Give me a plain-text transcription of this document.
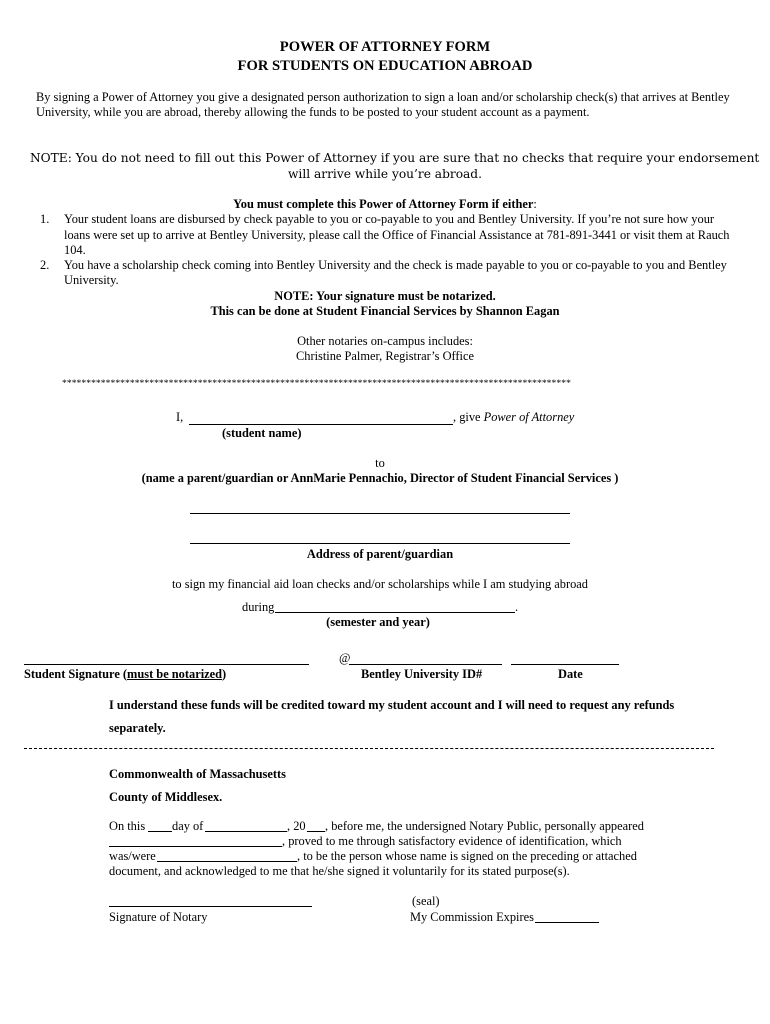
POWER OF ATTORNEY FORM
FOR STUDENTS ON EDUCATION ABROAD
By signing a Power of Attorney you give a designated person authorization to sign a loan and/or scholarship check(s) that arrives at Bentley
University, while you are abroad, thereby allowing the funds to be posted to your student account as a payment.
NOTE: You do not need to fill out this Power of Attorney if you are sure that no checks that require your endorsement
will arrive while you’re abroad.
You must complete this Power of Attorney Form if either:
1. Your student loans are disbursed by check payable to you or co-payable to you and Bentley University. If you’re not sure how your
loans were set up to arrive at Bentley University, please call the Office of Financial Assistance at 781-891-3441 or visit them at Rauch
104.
2. You have a scholarship check coming into Bentley University and the check is made payable to you or co-payable to you and Bentley
University.
NOTE: Your signature must be notarized.
This can be done at Student Financial Services by Shannon Eagan
Other notaries on-campus includes:
Christine Palmer, Registrar’s Office
*********************************************************************************************************
I,	, give Power of Attorney
(student name)
to
(name a parent/guardian or AnnMarie Pennachio, Director of Student Financial Services )
Address of parent/guardian
to sign my financial aid loan checks and/or scholarships while I am studying abroad
during	.
(semester and year)
@
Student Signature (must be notarized)	Bentley University ID#	Date
I understand these funds will be credited toward my student account and I will need to request any refunds
separately.
Commonwealth of Massachusetts
County of Middlesex.
On this day of	, 20 , before me, the undersigned Notary Public, personally appeared
, proved to me through satisfactory evidence of identification, which
was/were	, to be the person whose name is signed on the preceding or attached
document, and acknowledged to me that he/she signed it voluntarily for its stated purpose(s).
(seal)
Signature of Notary	My Commission Expires
